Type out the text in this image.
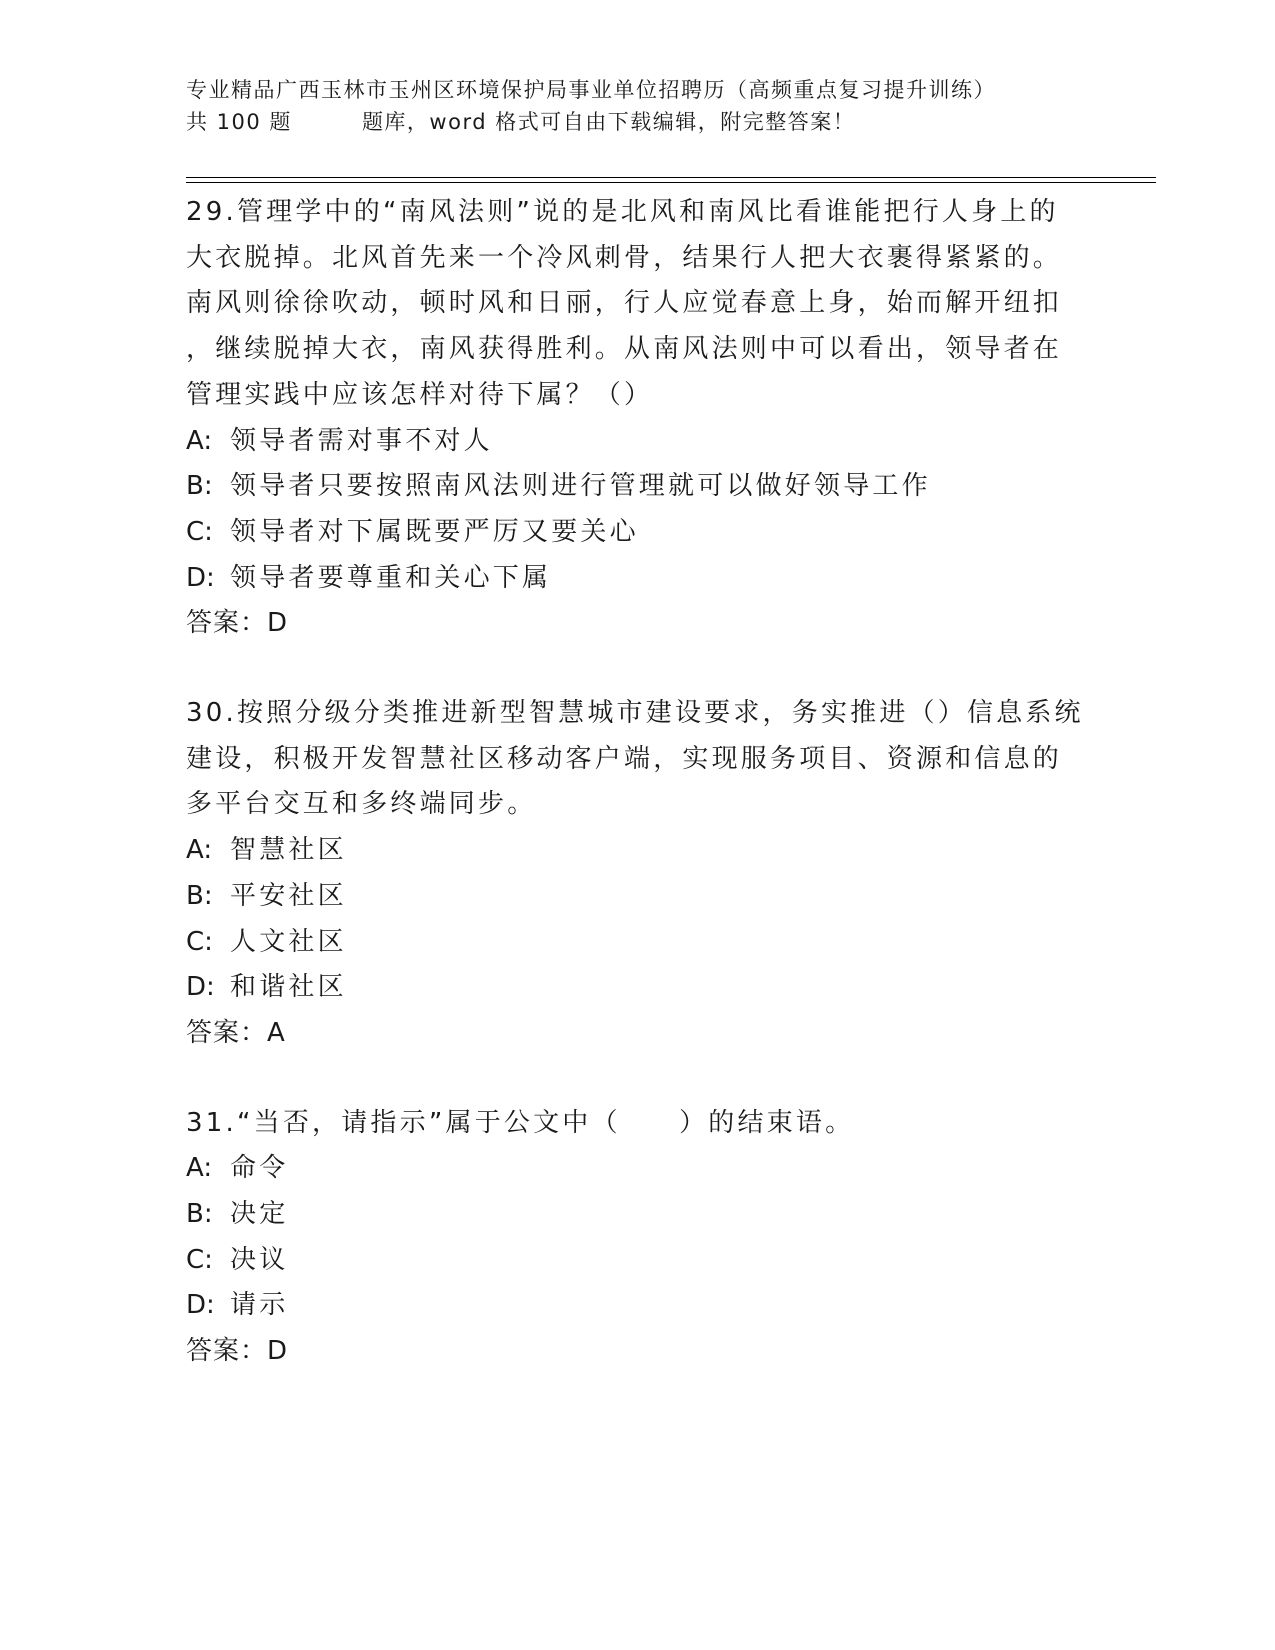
专业精品广西玉林市玉州区环境保护局事业单位招聘历（高频重点复习提升训练）
共 100 题	题库，word 格式可自由下载编辑，附完整答案！

29.管理学中的“南风法则”说的是北风和南风比看谁能把行人身上的

大衣脱掉。北风首先来一个冷风刺骨，结果行人把大衣裹得紧紧的。

南风则徐徐吹动，顿时风和日丽，行人应觉春意上身，始而解开纽扣

，继续脱掉大衣，南风获得胜利。从南风法则中可以看出，领导者在

管理实践中应该怎样对待下属？（）

A: 领导者需对事不对人

B: 领导者只要按照南风法则进行管理就可以做好领导工作

C: 领导者对下属既要严厉又要关心

D: 领导者要尊重和关心下属

答案：D

30.按照分级分类推进新型智慧城市建设要求，务实推进（）信息系统

建设，积极开发智慧社区移动客户端，实现服务项目、资源和信息的

多平台交互和多终端同步。

A: 智慧社区

B: 平安社区

C: 人文社区

D: 和谐社区

答案：A

31.“当否，请指示”属于公文中（　　）的结束语。

A: 命令

B: 决定

C: 决议

D: 请示

答案：D
